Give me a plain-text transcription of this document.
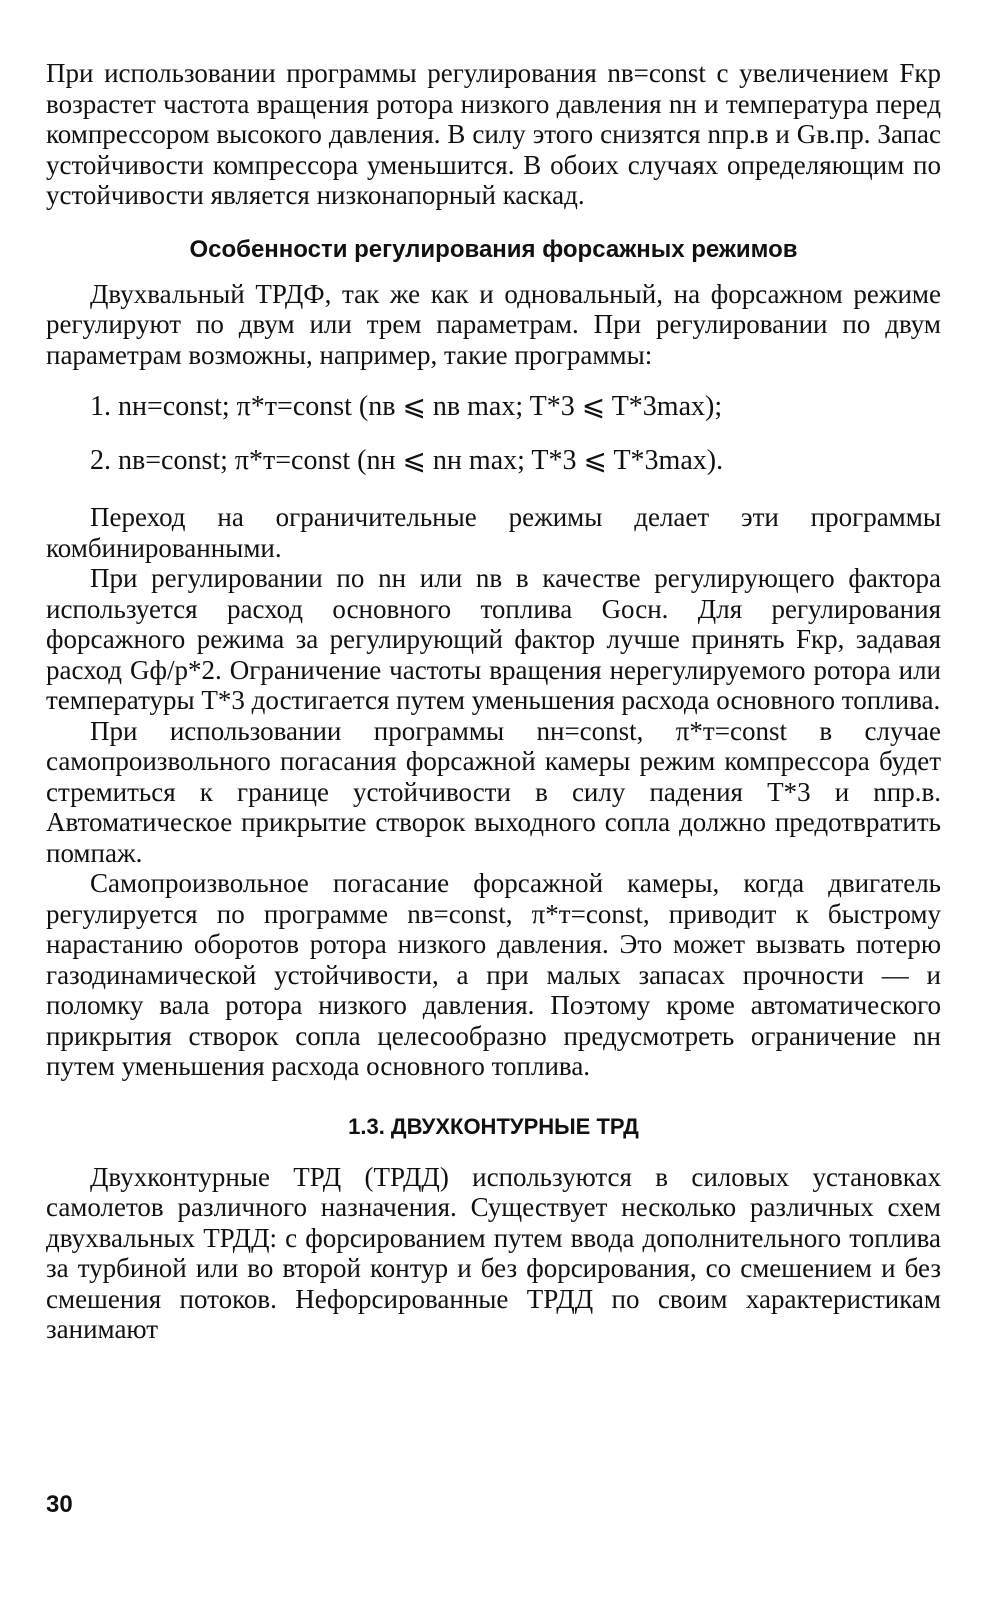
При использовании программы регулирования nв=const с увеличением Fкр возрастет частота вращения ротора низкого давления nн и температура перед компрессором высокого давления. В силу этого снизятся nпр.в и Gв.пр. Запас устойчивости компрессора уменьшится. В обоих случаях определяющим по устойчивости является низконапорный каскад.

Особенности регулирования форсажных режимов

Двухвальный ТРДФ, так же как и одновальный, на форсажном режиме регулируют по двум или трем параметрам. При регулировании по двум параметрам возможны, например, такие программы:

1. nн=const; π*т=const (nв ⩽ nв max; T*3 ⩽ T*3max);

2. nв=const; π*т=const (nн ⩽ nн max; T*3 ⩽ T*3max).

Переход на ограничительные режимы делает эти программы комбинированными.

При регулировании по nн или nв в качестве регулирующего фактора используется расход основного топлива Gосн. Для регулирования форсажного режима за регулирующий фактор лучше принять Fкр, задавая расход Gф/p*2. Ограничение частоты вращения нерегулируемого ротора или температуры T*3 достигается путем уменьшения расхода основного топлива.

При использовании программы nн=const, π*т=const в случае самопроизвольного погасания форсажной камеры режим компрессора будет стремиться к границе устойчивости в силу падения T*3 и nпр.в. Автоматическое прикрытие створок выходного сопла должно предотвратить помпаж.

Самопроизвольное погасание форсажной камеры, когда двигатель регулируется по программе nв=const, π*т=const, приводит к быстрому нарастанию оборотов ротора низкого давления. Это может вызвать потерю газодинамической устойчивости, а при малых запасах прочности — и поломку вала ротора низкого давления. Поэтому кроме автоматического прикрытия створок сопла целесообразно предусмотреть ограничение nн путем уменьшения расхода основного топлива.

1.3. ДВУХКОНТУРНЫЕ ТРД

Двухконтурные ТРД (ТРДД) используются в силовых установках самолетов различного назначения. Существует несколько различных схем двухвальных ТРДД: с форсированием путем ввода дополнительного топлива за турбиной или во второй контур и без форсирования, со смешением и без смешения потоков. Нефорсированные ТРДД по своим характеристикам занимают

30
